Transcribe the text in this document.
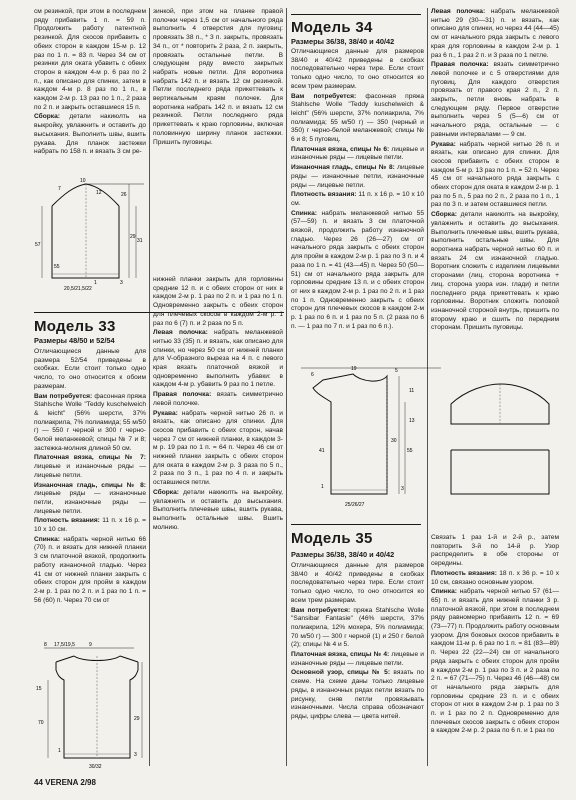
см резинкой, при этом в последнем ряду прибавить 1 п. = 59 п. Продолжить работу патентной резинкой. Для скосов прибавить с обеих сторон в каждом 15-м р. 12 раз по 1 п. = 83 п. Через 34 см от резинки для оката убавить с обеих сторон в каждом 4-м р. 6 раз по 2 п., как описано для спинки, затем в каждом 4-м р. 8 раз по 1 п., в каждом 2-м р. 13 раз по 1 п., 2 раза по 2 п. и закрыть оставшиеся 15 п.

Сборка: детали накиюлть на выкройку, увлажнить и оставить до высыхания. Выполнить швы, вшить рукава. Для планок застежки набрать по 158 п. и вязать 3 см ре-

7
10
12	26
29
31
57
20,5/21,5/22
1	3
55

зинкой, при этом на планке правой полочки через 1,5 см от начального ряда выполнить 4 отверстия для пуговиц: провязать 38 п., * 3 п. закрыть, провязать 34 п., от * повторить 2 раза, 2 п. закрыть, провязать остальные петли. В следующем ряду вместо закрытых набрать новые петли. Для воротника набрать 142 п. и вязать 12 см резинкой. Петли последнего ряда прикеттевать к вертикальным краям полочек. Для воротника набрать 142 п. и вязать 12 см резинкой. Петли последнего ряда прикеттевать к краю горловины, включая половинную ширину планок застежки. Пришить пуговицы.

Модель 33
Размеры 48/50 и 52/54

Отличающиеся данные для размера 52/54 приведены в скобках. Если стоит только одно число, то оно относится к обоим размерам.

Вам потребуется: фасонная пряжа Stahlsche Wolle "Teddy kuschelweich & leicht" (56% шерсти, 37% полиакрила, 7% полиамида; 55 м/50 г) — 550 г черной и 300 г черно-белой меланжевой; спицы № 7 и 8; застежка-молния длиной 50 см.

Платочная вязка, спицы № 7: лицевые и изнаночные ряды — лицевые петли.

Изнаночная гладь, спицы № 8: лицевые ряды — изнаночные петли, изнаночные ряды — лицевые петли.

Плотность вязания: 11 п. х 16 р. = 10 х 10 см.

Спинка: набрать черной нитью 66 (70) п. и вязать для нижней планки 3 см платочной вязкой, продолжить работу изнаночной гладью. Через 41 см от нижней планки закрыть с обеих сторон для пройм в каждом 2-м р. 1 раз по 2 п. и 1 раз по 1 п. = 56 (60) п. Через 70 см от

нижней планки закрыть для горловины средние 12 п. и с обеих сторон от них в каждом 2-м р. 1 раз по 2 п. и 1 раз по 1 п. Одновременно закрыть с обеих сторон для плечевых скосов в каждом 2-м р. 1 раз по 6 (7) п. и 2 раза по 5 п.

Левая полочка: набрать меланжевой нитью 33 (35) п. и вязать, как описано для спинки, но через 50 см от нижней планки для V-образного выреза на 4 п. с левого края вязать платочной вязкой и одновременно выполнить убавки: в каждом 4-м р. убавить 9 раз по 1 петле.

Правая полочка: вязать симметрично левой полочке.

Рукава: набрать черной нитью 26 п. и вязать, как описано для спинки. Для скосов прибавить с обеих сторон, начав через 7 см от нижней планки, в каждом 3-м р. 19 раз по 1 п. = 64 п. Через 46 см от нижней планки закрыть с обеих сторон для оката в каждом 2-м р. 3 раза по 5 п., 2 раза по 3 п., 1 раз по 4 п. и закрыть оставшиеся петли.

Сборка: детали накиюлть на выкройку, увлажнить и оставить до высыхания. Выполнить плечевые швы, вшить рукава, выполнить остальные швы. Вшить молнию.

8 17,5/19,5	9
15
70
29
1
3
30/32
Модель 34
Размеры 36/38, 38/40 и 40/42

Отличающиеся данные для размеров 38/40 и 40/42 приведены в скобках последовательно через тире. Если стоит только одно число, то оно относится ко всем трем размерам.

Вам потребуется: фасонная пряжа Stahlsche Wolle "Teddy kuschelweich & leicht" (56% шерсти, 37% полиакрила, 7% полиамида; 55 м/50 г) — 350 (черный и 350) г черно-белой меланжевой; спицы № 6 и 8; 5 пуговиц.

Платочная вязка, спицы № 6: лицевые и изнаночные ряды — лицевые петли.

Изнаночная гладь, спицы № 8: лицевые ряды — изнаночные петли, изнаночные ряды — лицевые петли.

Плотность вязания: 11 п. х 16 р. = 10 х 10 см.

Спинка: набрать меланжевой нитью 55 (57—59) п. и вязать 3 см платочной вязкой, продолжить работу изнаночной гладью. Через 26 (26—27) см от начального ряда закрыть с обеих сторон для пройм в каждом 2-м р. 1 раз по 3 п. и 4 раза по 1 п. = 41 (43—45) п. Через 50 (50—51) см от начального ряда закрыть для горловины средние 13 п. и с обеих сторон от них в каждом 2-м р. 1 раз по 2 п. и 1 раз по 1 п. Одновременно закрыть с обеих сторон для плечевых скосов в каждом 2-м р. 1 раз по 6 п. и 1 раз по 5 п. (2 раза по 6 п. — 1 раз по 7 п. и 1 раз по 6 п.).

Левая полочка: набрать меланжевой нитью 29 (30—31) п. и вязать, как описано для спинки, но через 44 (44—45) см от начального ряда закрыть с левого края для горловины в каждом 2-м р. 1 раз 6 п., 1 раз 2 п. и 3 раза по 1 петле.

Правая полочка: вязать симметрично левой полочке и с 5 отверстиями для пуговиц. Для каждого отверстия провязать от правого края 2 п., 2 п. закрыть, петли вновь набрать в следующем ряду. Первое отверстие выполнить через 5 (5—6) см от начального ряда, остальные — с равными интервалами — 9 см.

Рукава: набрать черной нитью 26 п. и вязать, как описано для спинки. Для скосов прибавить с обеих сторон в каждом 5-м р. 13 раз по 1 п. = 52 п. Через 45 см от начального ряда закрыть с обеих сторон для оката в каждом 2-м р. 1 раз по 5 п., 5 раз по 2 п., 2 раза по 1 п., 1 раз по 3 п. и затем оставшиеся петли.

Сборка: детали накиюлть на выкройку, увлажнить и оставить до высыхания. Выполнить плечевые швы, вшить рукава, выполнить остальные швы. Для воротника набрать черной нитью 60 п. и вязать 24 см изнаночной гладью. Воротник сложить с изделием лицевыми сторонами (лиц. сторона воротника + лиц. сторона узора изн. глади) и петли последнего ряда прикеттевать к краю горловины. Воротник сложить половой изнаночной стороной внутрь, пришить по второму краю и сшить по передним сторонам. Пришить пуговицы.

6
19	5
11
13
30
55
41
1	3
25/26/27
Модель 35
Размеры 36/38, 38/40 и 40/42

Отличающиеся данные для размеров 38/40 и 40/42 приведены в скобках последовательно через тире. Если стоит только одно число, то оно относится ко всем трем размерам.

Вам потребуется: пряжа Stahlsche Wolle "Sansibar Fantasie" (46% шерсти, 37% полиакрила, 12% мохера, 5% полиамида; 70 м/50 г) — 300 г черной (1) и 250 г белой (2); спицы № 4 и 5.

Платочная вязка, спицы № 4: лицевые и изнаночные ряды — лицевые петли.

Основной узор, спицы № 5: вязать по схеме. На схеме даны только лицевые ряды, в изнаночных рядах петли вязать по рисунку, сняв петли провязывать изнаночными. Числа справа обозначают ряды, цифры слева — цвета нитей.

Связать 1 раз 1-й и 2-й р., затем повторить 3-й по 14-й р. Узор распределить в обе стороны от середины.

Плотность вязания: 18 п. х 36 р. = 10 х 10 см, связано основным узором.

Спинка: набрать черной нитью 57 (61—65) п. и вязать для нижней планки 3 р. платочной вязкой, при этом в последнем ряду равномерно прибавить 12 п. = 69 (73—77) п. Продолжить работу основным узором. Для боковых скосов прибавить в каждом 11-м р. 6 раз по 1 п. = 81 (83—89) п. Через 22 (22—24) см от начального ряда закрыть с обеих сторон для пройм в каждом 2-м р. 1 раз по 3 п. и 2 раза по 2 п. = 67 (71—75) п. Через 46 (46—48) см от начального ряда закрыть для горловины средние 23 п. и с обеих сторон от них в каждом 2-м р. 1 раз по 3 п. и 1 раз по 2 п. Одновременно для плечевых скосов закрыть с обеих сторон в каждом 2-м р. 2 раза по 6 п. и 1 раз по

44 VERENA 2/98
